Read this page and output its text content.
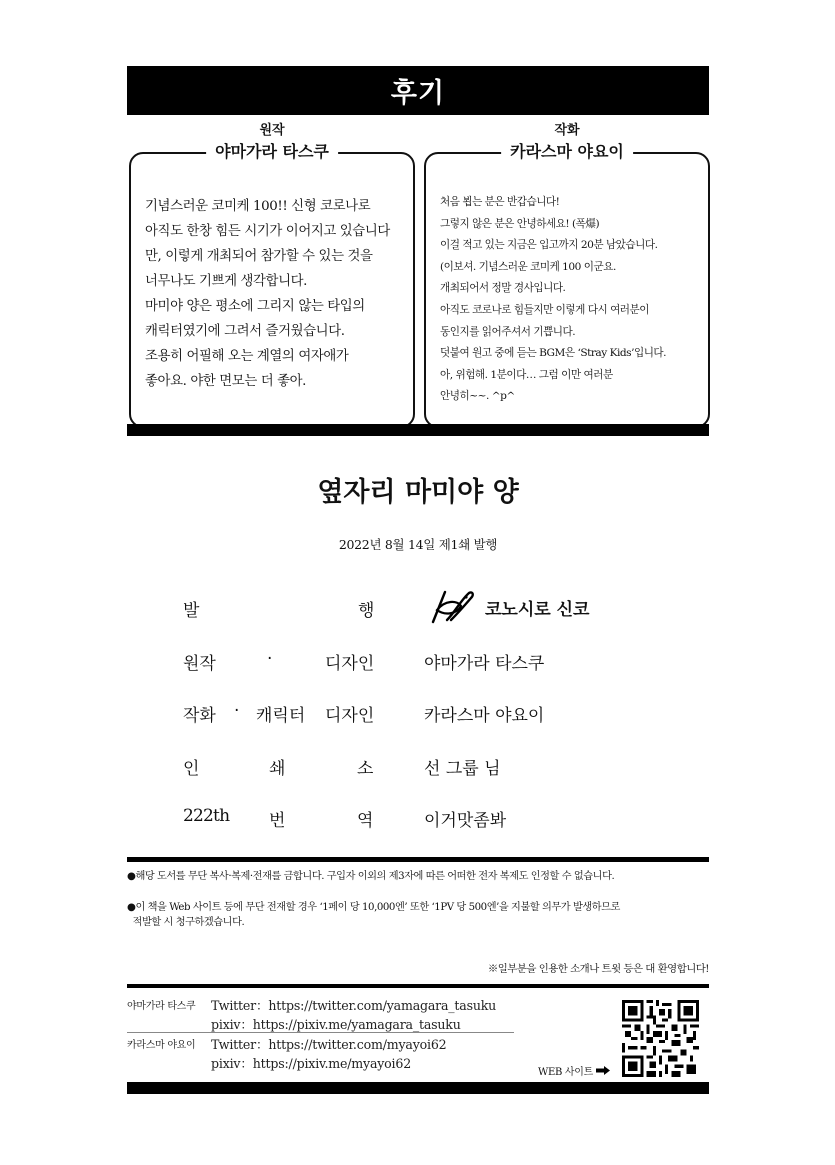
후기
원작
야마가라 타스쿠

기념스러운 코미케 100!! 신형 코로나로

아직도 한창 힘든 시기가 이어지고 있습니다

만, 이렇게 개최되어 참가할 수 있는 것을

너무나도 기쁘게 생각합니다.

마미야 양은 평소에 그리지 않는 타입의

캐릭터였기에 그려서 즐거웠습니다.

조용히 어필해 오는 계열의 여자애가

좋아요. 야한 면모는 더 좋아.

작화
카라스마 야요이

처음 뵙는 분은 반갑습니다!

그렇지 않은 분은 안녕하세요! (폭爆)

이걸 적고 있는 지금은 입고까지 20분 남았습니다.

(이보셔. 기념스러운 코미케 100 이군요.

개최되어서 정말 경사입니다.

아직도 코로나로 힘들지만 이렇게 다시 여러분이

동인지를 읽어주셔서 기쁩니다.

덧붙여 원고 중에 듣는 BGM은 ‘Stray Kids’입니다.

아, 위험해. 1분이다… 그럼 이만 여러분

안녕히~~. ^p^

옆자리 마미야 양
2022년 8월 14일 제1쇄 발행
발	행	코노시로 신코
원작	·	디자인	야마가라 타스쿠
작화 · 캐릭터 디자인	카라스마 야요이
인	쇄	소	선 그룹 님
222th 번	역	이거맛좀봐
●해당 도서를 무단 복사·복제·전재를 금합니다. 구입자 이외의 제3자에 따른 어떠한 전자 복제도 인정할 수 없습니다.
●이 책을 Web 사이트 등에 무단 전재할 경우 ‘1페이 당 10,000엔’ 또한 ‘1PV 당 500엔’을 지불할 의무가 발생하므로
적발할 시 청구하겠습니다.
※일부분을 인용한 소개나 트윗 등은 대 환영합니다!
야마가라 타스쿠 Twitter：https://twitter.com/yamagara_tasuku
pixiv：https://pixiv.me/yamagara_tasuku
카라스마 야요이 Twitter：https://twitter.com/myayoi62
pixiv：https://pixiv.me/myayoi62
WEB 사이트
